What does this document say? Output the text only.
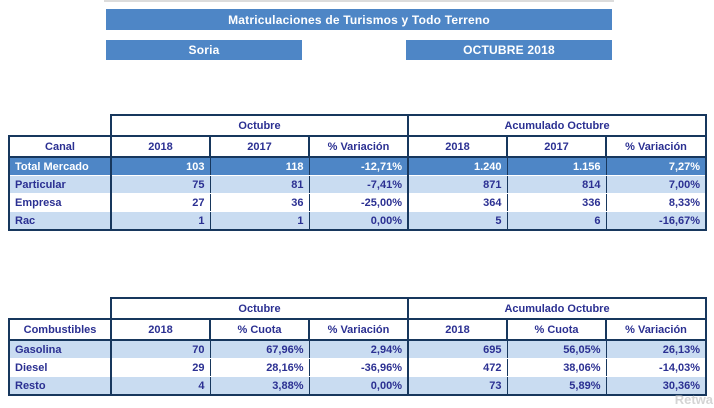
Matriculaciones de Turismos y Todo Terreno
Soria	OCTUBRE 2018
	Octubre			Acumulado Octubre		
Canal	2018	2017	% Variación	2018	2017	% Variación
Total Mercado	103	118	-12,71%	1.240	1.156	7,27%
Particular	75	81	-7,41%	871	814	7,00%
Empresa	27	36	-25,00%	364	336	8,33%
Rac	1	1	0,00%	5	6	-16,67%
	Octubre			Acumulado Octubre		
Combustibles	2018	% Cuota	% Variación	2018	% Cuota	% Variación
Gasolina	70	67,96%	2,94%	695	56,05%	26,13%
Diesel	29	28,16%	-36,96%	472	38,06%	-14,03%
Resto	4	3,88%	0,00%	73	5,89%	30,36%
Retwa
